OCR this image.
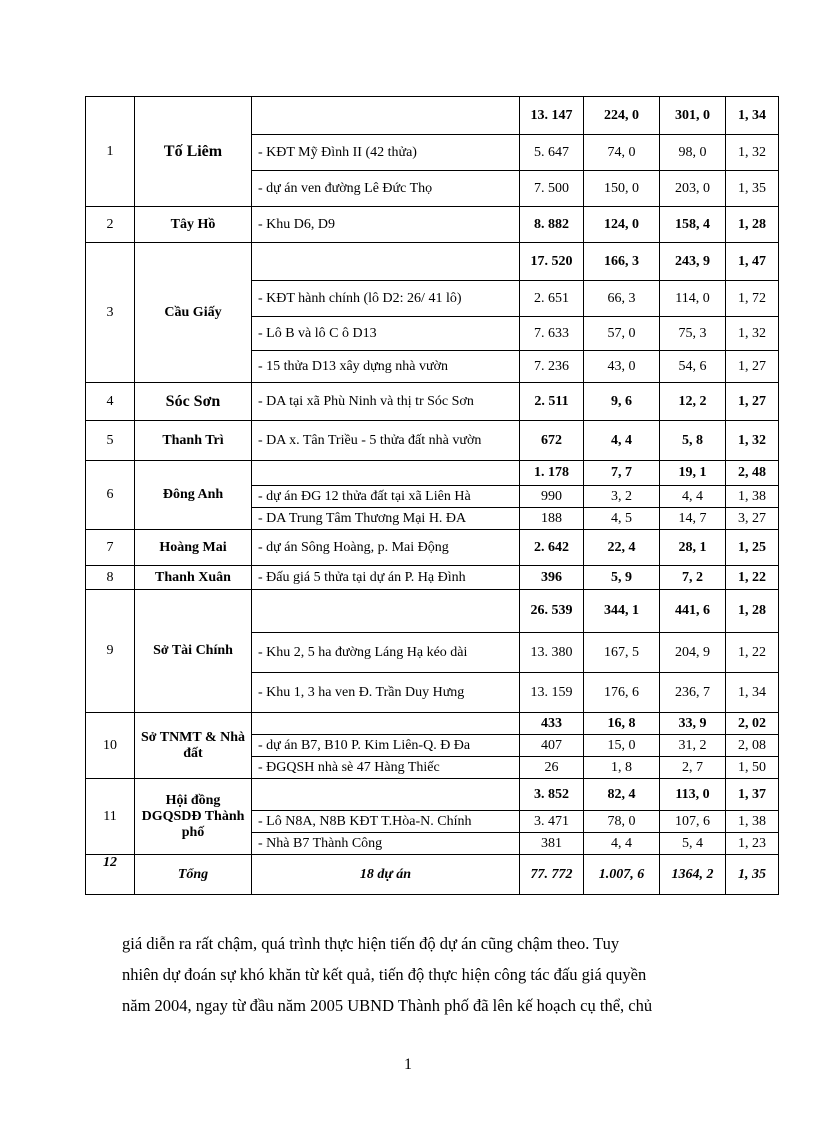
1	Tố Liêm		13. 147	224, 0	301, 0	1, 34
		- KĐT Mỹ Đình II (42 thửa)	5. 647	74, 0	98, 0	1, 32
		- dự án ven đường Lê Đức Thọ	7. 500	150, 0	203, 0	1, 35
2	Tây Hồ	- Khu D6, D9	8. 882	124, 0	158, 4	1, 28
3	Cầu Giấy		17. 520	166, 3	243, 9	1, 47
		- KĐT hành chính (lô D2: 26/ 41 lô)	2. 651	66, 3	114, 0	1, 72
		- Lô B và lô C ô D13	7. 633	57, 0	75, 3	1, 32
		- 15 thửa D13 xây dựng nhà vườn	7. 236	43, 0	54, 6	1, 27
4	Sóc Sơn	- DA tại xã Phù Ninh và thị tr Sóc Sơn	2. 511	9, 6	12, 2	1, 27
5	Thanh Trì	- DA x. Tân Triều - 5 thửa đất nhà vườn	672	4, 4	5, 8	1, 32
6	Đông Anh		1. 178	7, 7	19, 1	2, 48
		- dự án ĐG 12 thửa đất tại xã Liên Hà	990	3, 2	4, 4	1, 38
		- DA Trung Tâm Thương Mại H. ĐA	188	4, 5	14, 7	3, 27
7	Hoàng Mai	- dự án Sông Hoàng, p. Mai Động	2. 642	22, 4	28, 1	1, 25
8	Thanh Xuân	- Đấu giá 5 thửa tại dự án P. Hạ Đình	396	5, 9	7, 2	1, 22
9	Sở Tài Chính		26. 539	344, 1	441, 6	1, 28
		- Khu 2, 5 ha đường Láng Hạ kéo dài	13. 380	167, 5	204, 9	1, 22
		- Khu 1, 3 ha ven Đ. Trần Duy Hưng	13. 159	176, 6	236, 7	1, 34
10	Sở TNMT & Nhà đất		433	16, 8	33, 9	2, 02
		- dự án B7, B10 P. Kim Liên-Q. Đ Đa	407	15, 0	31, 2	2, 08
		- ĐGQSH nhà sè 47 Hàng Thiếc	26	1, 8	2, 7	1, 50
11	Hội đồng DGQSDĐ Thành phố		3. 852	82, 4	113, 0	1, 37
		- Lô N8A, N8B KĐT T.Hòa-N. Chính	3. 471	78, 0	107, 6	1, 38
		- Nhà B7 Thành Công	381	4, 4	5, 4	1, 23
12	Tổng	18 dự án	77. 772	1.007, 6	1364, 2	1, 35

giá diễn ra rất chậm, quá trình thực hiện tiến độ dự án cũng chậm theo. Tuy

nhiên dự đoán sự khó khăn từ kết quả, tiến độ thực hiện công tác đấu giá quyền

năm 2004, ngay từ đầu năm 2005 UBND Thành phố đã lên kế hoạch cụ thể, chủ

1
